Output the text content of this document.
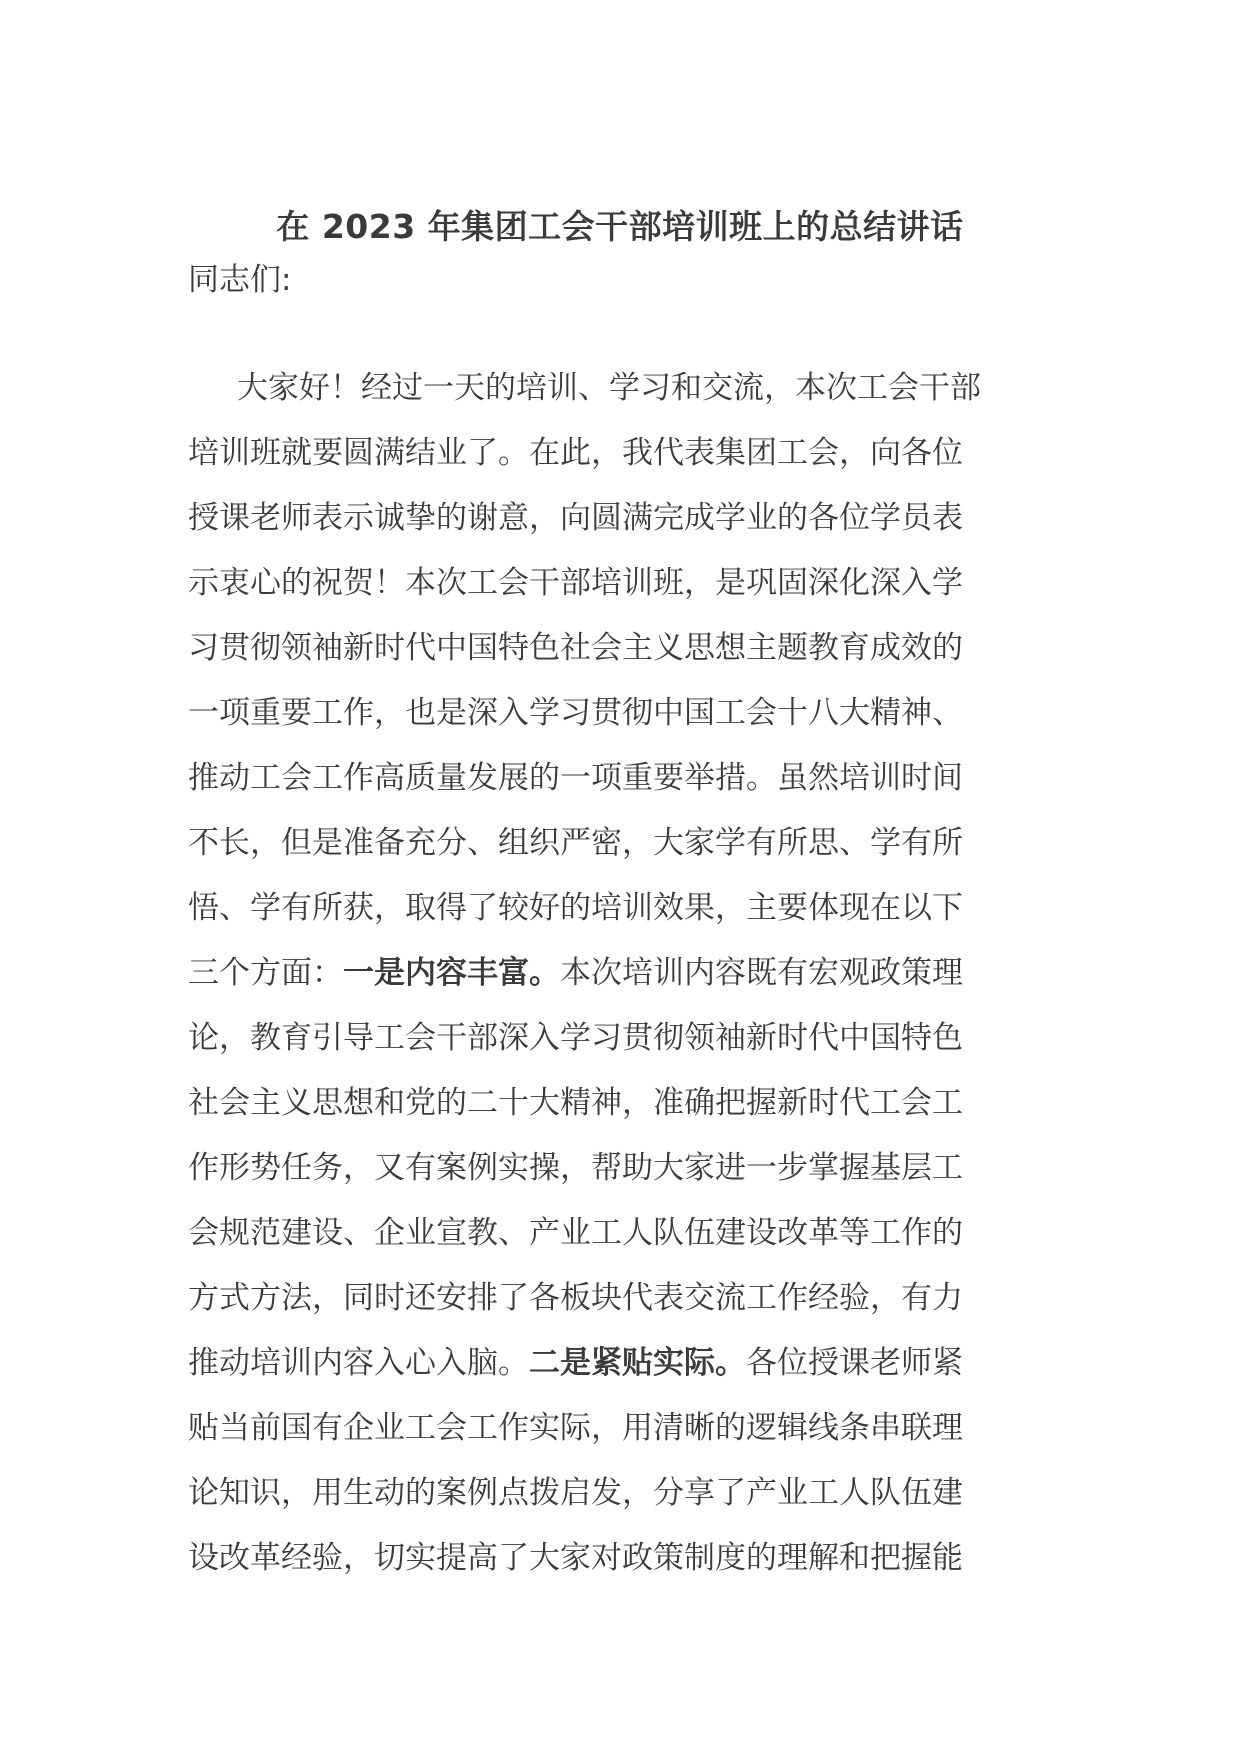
在 2023 年集团工会干部培训班上的总结讲话
同志们:
大家好！经过一天的培训、学习和交流，本次工会干部
培训班就要圆满结业了。在此，我代表集团工会，向各位
授课老师表示诚挚的谢意，向圆满完成学业的各位学员表
示衷心的祝贺！本次工会干部培训班，是巩固深化深入学
习贯彻领袖新时代中国特色社会主义思想主题教育成效的
一项重要工作，也是深入学习贯彻中国工会十八大精神、
推动工会工作高质量发展的一项重要举措。虽然培训时间
不长，但是准备充分、组织严密，大家学有所思、学有所
悟、学有所获，取得了较好的培训效果，主要体现在以下
三个方面：一是内容丰富。本次培训内容既有宏观政策理
论，教育引导工会干部深入学习贯彻领袖新时代中国特色
社会主义思想和党的二十大精神，准确把握新时代工会工
作形势任务，又有案例实操，帮助大家进一步掌握基层工
会规范建设、企业宣教、产业工人队伍建设改革等工作的
方式方法，同时还安排了各板块代表交流工作经验，有力
推动培训内容入心入脑。二是紧贴实际。各位授课老师紧
贴当前国有企业工会工作实际，用清晰的逻辑线条串联理
论知识，用生动的案例点拨启发，分享了产业工人队伍建
设改革经验，切实提高了大家对政策制度的理解和把握能
